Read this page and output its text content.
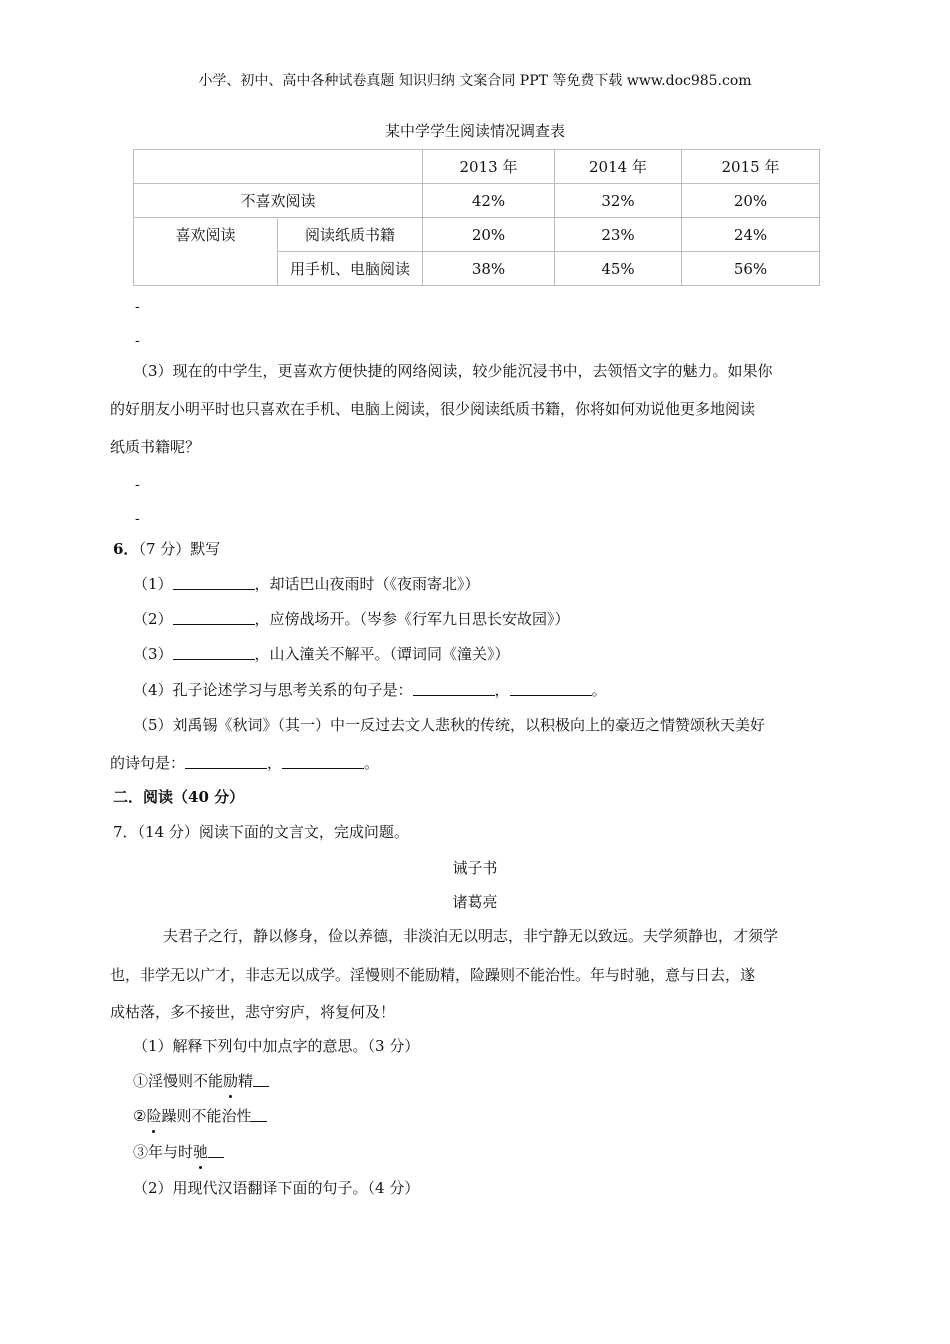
小学、初中、高中各种试卷真题 知识归纳 文案合同 PPT 等免费下载 www.doc985.com
某中学学生阅读情况调查表
		2013 年	2014 年	2015 年
不喜欢阅读		42%	32%	20%
喜欢阅读	阅读纸质书籍	20%	23%	24%
	用手机、电脑阅读	38%	45%	56%
-
-
（3）现在的中学生，更喜欢方便快捷的网络阅读，较少能沉浸书中，去领悟文字的魅力。如果你
的好朋友小明平时也只喜欢在手机、电脑上阅读，很少阅读纸质书籍，你将如何劝说他更多地阅读
纸质书籍呢？
-
-
6．（7 分）默写
（1）	，却话巴山夜雨时（《夜雨寄北》）
（2）	，应傍战场开。（岑参《行军九日思长安故园》）
（3）	，山入潼关不解平。（谭词同《潼关》）
（4）孔子论述学习与思考关系的句子是：	，	。
（5）刘禹锡《秋词》（其一）中一反过去文人悲秋的传统，以积极向上的豪迈之情赞颂秋天美好
的诗句是：	，	。
二．阅读（40 分）
7．（14 分）阅读下面的文言文，完成问题。
诫子书
诸葛亮
夫君子之行，静以修身，俭以养德，非淡泊无以明志，非宁静无以致远。夫学须静也，才须学
也，非学无以广才，非志无以成学。淫慢则不能励精，险躁则不能治性。年与时驰，意与日去，遂
成枯落，多不接世，悲守穷庐，将复何及！
（1）解释下列句中加点字的意思。（3 分）
①淫慢则不能励精
②险躁则不能治性
③年与时驰
（2）用现代汉语翻译下面的句子。（4 分）
